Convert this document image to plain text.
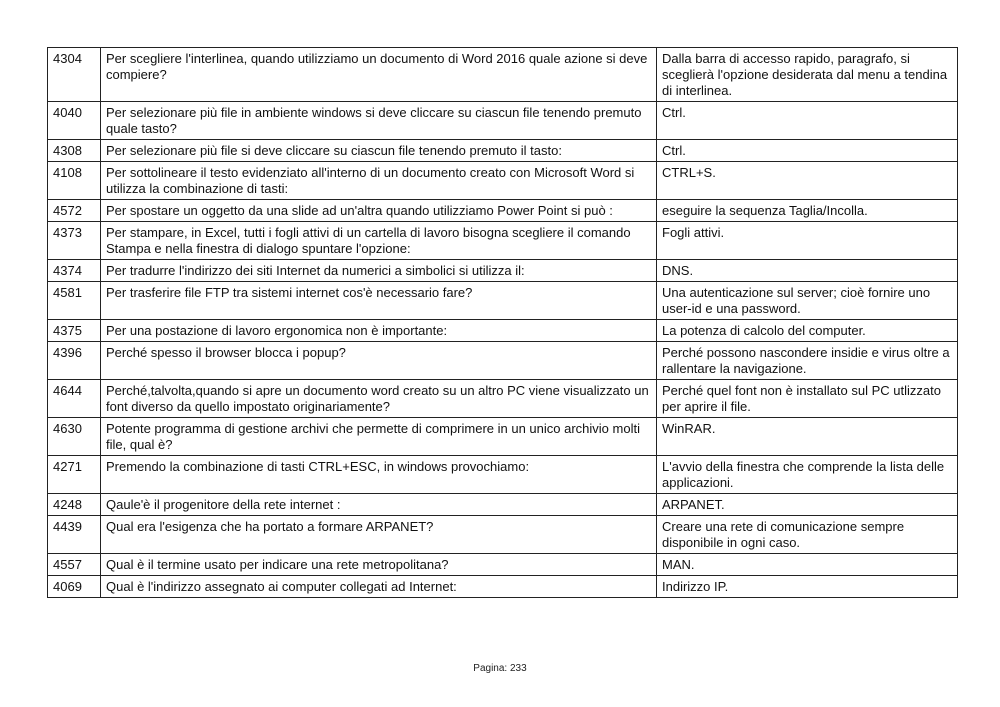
4304	Per scegliere l'interlinea, quando utilizziamo un documento di Word 2016 quale azione si deve compiere?	Dalla barra di accesso rapido, paragrafo, si sceglierà l'opzione desiderata dal menu a tendina di interlinea.
4040	Per selezionare più file in ambiente windows si deve cliccare su ciascun file tenendo premuto quale tasto?	Ctrl.
4308	Per selezionare più file si deve cliccare su ciascun file tenendo premuto il tasto:	Ctrl.
4108	Per sottolineare il testo evidenziato all'interno di un documento creato con Microsoft Word si utilizza la combinazione di tasti:	CTRL+S.
4572	Per spostare un oggetto da una slide ad un'altra quando utilizziamo Power Point si può :	eseguire la sequenza Taglia/Incolla.
4373	Per stampare, in Excel, tutti i fogli attivi di un cartella di lavoro bisogna scegliere il comando Stampa e nella finestra di dialogo spuntare l'opzione:	Fogli attivi.
4374	Per tradurre l'indirizzo dei siti Internet da numerici a simbolici si utilizza il:	DNS.
4581	Per trasferire file FTP tra sistemi internet cos'è necessario fare?	Una autenticazione sul server; cioè fornire uno user-id e una password.
4375	Per una postazione di lavoro ergonomica non è importante:	La potenza di calcolo del computer.
4396	Perché spesso il browser blocca i popup?	Perché possono nascondere insidie e virus oltre a rallentare la navigazione.
4644	Perché,talvolta,quando si apre un documento word creato su un altro PC viene visualizzato un font diverso da quello impostato originariamente?	Perché quel font non è installato sul PC utlizzato per aprire il file.
4630	Potente programma di gestione archivi che permette di comprimere in un unico archivio molti file, qual è?	WinRAR.
4271	Premendo la combinazione di tasti CTRL+ESC, in windows provochiamo:	L'avvio della finestra che comprende la lista delle applicazioni.
4248	Qaule'è il progenitore della rete internet :	ARPANET.
4439	Qual era l'esigenza che ha portato a formare ARPANET?	Creare una rete di comunicazione sempre disponibile in ogni caso.
4557	Qual è il termine usato per indicare una rete metropolitana?	MAN.
4069	Qual è l'indirizzo assegnato ai computer collegati ad Internet:	Indirizzo IP.
Pagina: 233
